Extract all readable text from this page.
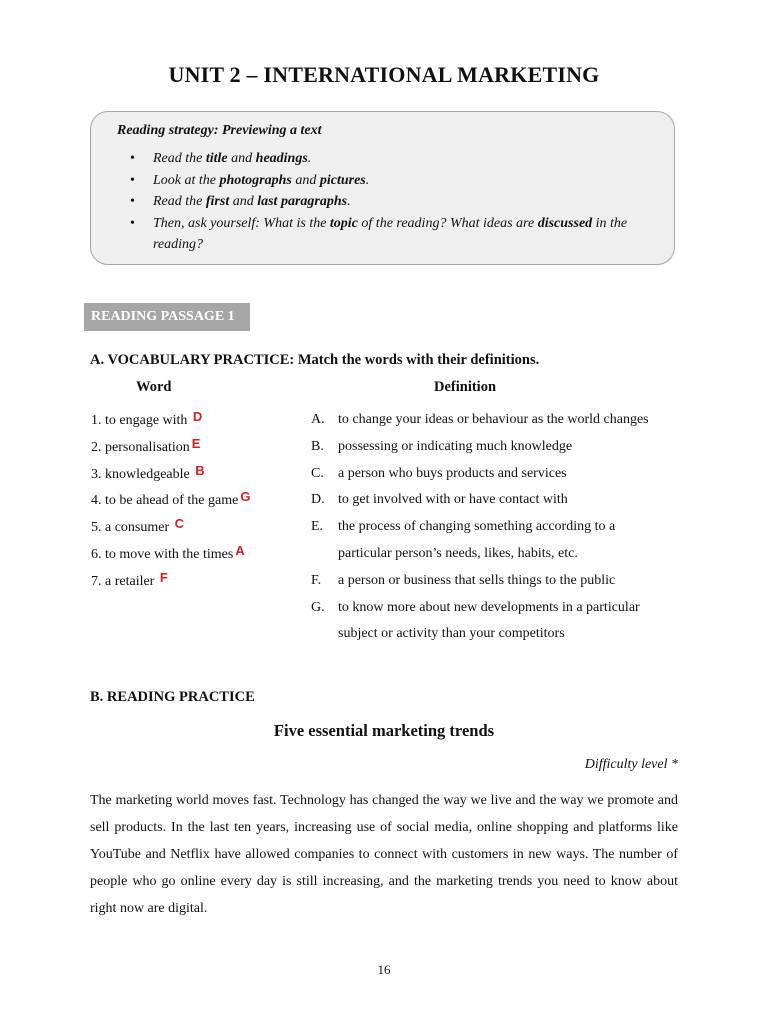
UNIT 2 – INTERNATIONAL MARKETING
Reading strategy: Previewing a text
• Read the title and headings.
• Look at the photographs and pictures.
• Read the first and last paragraphs.
• Then, ask yourself: What is the topic of the reading? What ideas are discussed in the reading?
READING PASSAGE 1
A. VOCABULARY PRACTICE: Match the words with their definitions.
Word	Definition
1. to engage with D
2. personalisation E
3. knowledgeable B
4. to be ahead of the game G
5. a consumer C
6. to move with the times A
7. a retailer F
A. to change your ideas or behaviour as the world changes
B. possessing or indicating much knowledge
C. a person who buys products and services
D. to get involved with or have contact with
E. the process of changing something according to a
particular person’s needs, likes, habits, etc.
F. a person or business that sells things to the public
G. to know more about new developments in a particular
subject or activity than your competitors
B. READING PRACTICE
Five essential marketing trends
Difficulty level *

The marketing world moves fast. Technology has changed the way we live and the way we promote and sell products. In the last ten years, increasing use of social media, online shopping and platforms like YouTube and Netflix have allowed companies to connect with customers in new ways. The number of people who go online every day is still increasing, and the marketing trends you need to know about right now are digital.

16
